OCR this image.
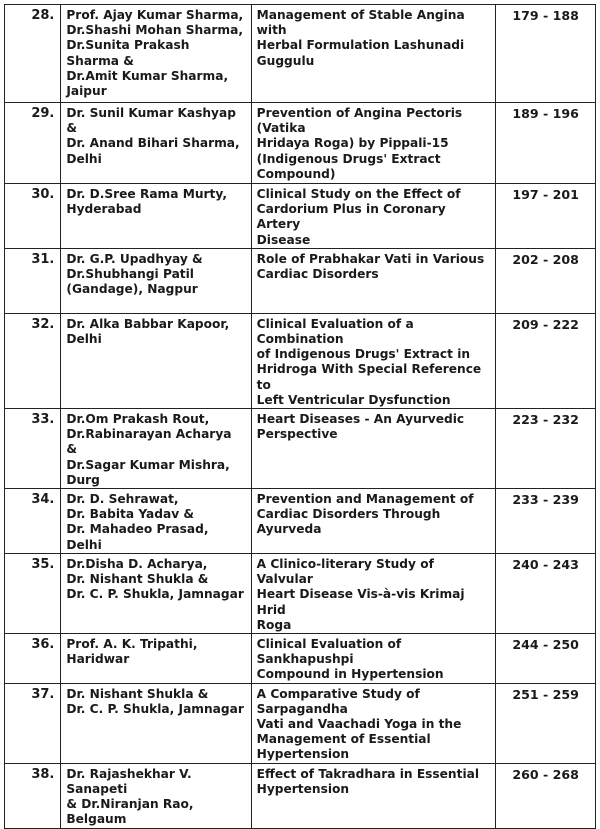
28.	Prof. Ajay Kumar Sharma,
Dr.Shashi Mohan Sharma,
Dr.Sunita Prakash Sharma &
Dr.Amit Kumar Sharma,
Jaipur	Management of Stable Angina with
Herbal Formulation Lashunadi
Guggulu	179 - 188
29.	Dr. Sunil Kumar Kashyap &
Dr. Anand Bihari Sharma,
Delhi	Prevention of Angina Pectoris (Vatika
Hridaya Roga) by Pippali-15
(Indigenous Drugs' Extract
Compound)	189 - 196
30.	Dr. D.Sree Rama Murty,
Hyderabad	Clinical Study on the Effect of
Cardorium Plus in Coronary Artery
Disease	197 - 201
31.	Dr. G.P. Upadhyay &
Dr.Shubhangi Patil
(Gandage), Nagpur	Role of Prabhakar Vati in Various
Cardiac Disorders	202 - 208
32.	Dr. Alka Babbar Kapoor,
Delhi	Clinical Evaluation of a Combination
of Indigenous Drugs' Extract in
Hridroga With Special Reference to
Left Ventricular Dysfunction	209 - 222
33.	Dr.Om Prakash Rout,
Dr.Rabinarayan Acharya &
Dr.Sagar Kumar Mishra, Durg	Heart Diseases - An Ayurvedic
Perspective	223 - 232
34.	Dr. D. Sehrawat,
Dr. Babita Yadav &
Dr. Mahadeo Prasad, Delhi	Prevention and Management of
Cardiac Disorders Through Ayurveda	233 - 239
35.	Dr.Disha D. Acharya,
Dr. Nishant Shukla &
Dr. C. P. Shukla, Jamnagar	A Clinico-literary Study of Valvular
Heart Disease Vis-à-vis Krimaj Hrid
Roga	240 - 243
36.	Prof. A. K. Tripathi,
Haridwar	Clinical Evaluation of Sankhapushpi
Compound in Hypertension	244 - 250
37.	Dr. Nishant Shukla &
Dr. C. P. Shukla, Jamnagar	A Comparative Study of Sarpagandha
Vati and Vaachadi Yoga in the
Management of Essential
Hypertension	251 - 259
38.	Dr. Rajashekhar V. Sanapeti
& Dr.Niranjan Rao, Belgaum	Effect of Takradhara in Essential
Hypertension	260 - 268
